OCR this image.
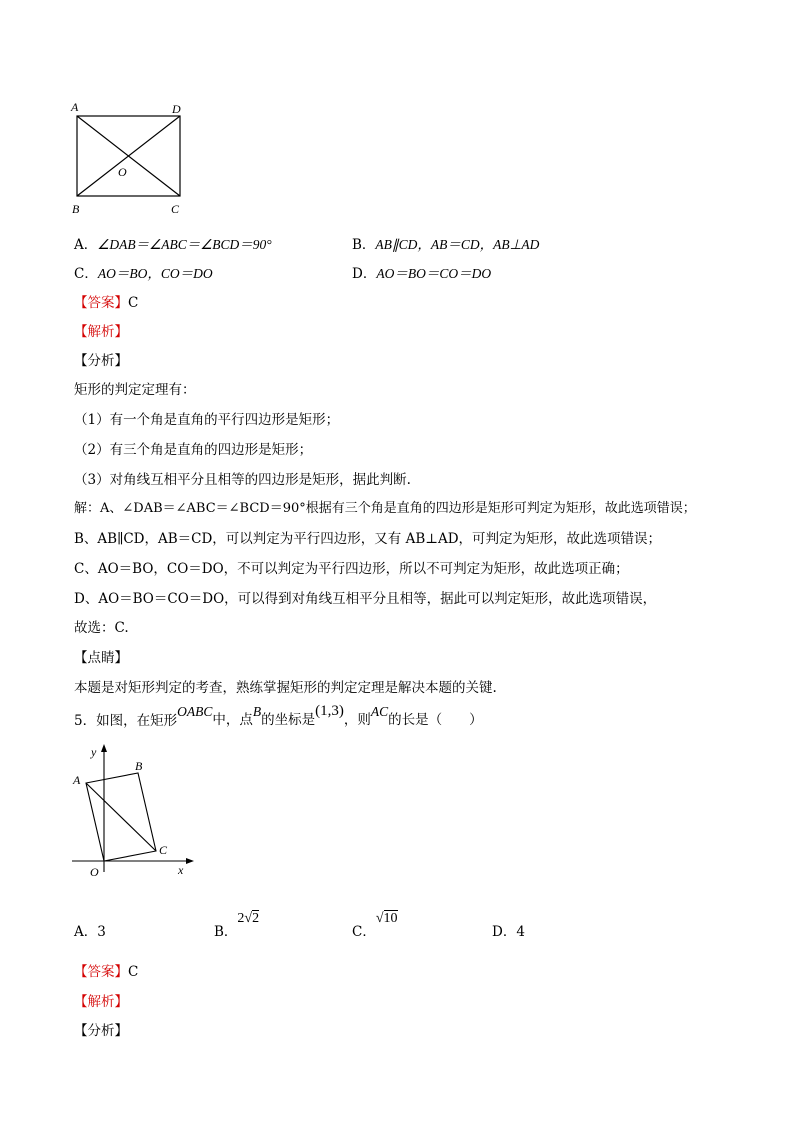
A	D
O
B	C
A．∠DAB＝∠ABC＝∠BCD＝90°	B．AB∥CD，AB＝CD，AB⊥AD
C．AO＝BO，CO＝DO	D．AO＝BO＝CO＝DO
【答案】C
【解析】
【分析】
矩形的判定定理有：
（1）有一个角是直角的平行四边形是矩形；
（2）有三个角是直角的四边形是矩形；
（3）对角线互相平分且相等的四边形是矩形，据此判断.
解：A、∠DAB＝∠ABC＝∠BCD＝90°根据有三个角是直角的四边形是矩形可判定为矩形，故此选项错误；
B、AB∥CD，AB＝CD，可以判定为平行四边形，又有 AB⊥AD，可判定为矩形，故此选项错误；
C、AO＝BO，CO＝DO，不可以判定为平行四边形，所以不可判定为矩形，故此选项正确；
D、AO＝BO＝CO＝DO，可以得到对角线互相平分且相等，据此可以判定矩形，故此选项错误，
故选：C.
【点睛】
本题是对矩形判定的考查，熟练掌握矩形的判定定理是解决本题的关键.
5．如图，在矩形OABC中，点B的坐标是(1,3)，则AC的长是（　　）
y
A
B
C
O	x
A．3	B．2√2
C．√10
D．4
【答案】C
【解析】
【分析】
